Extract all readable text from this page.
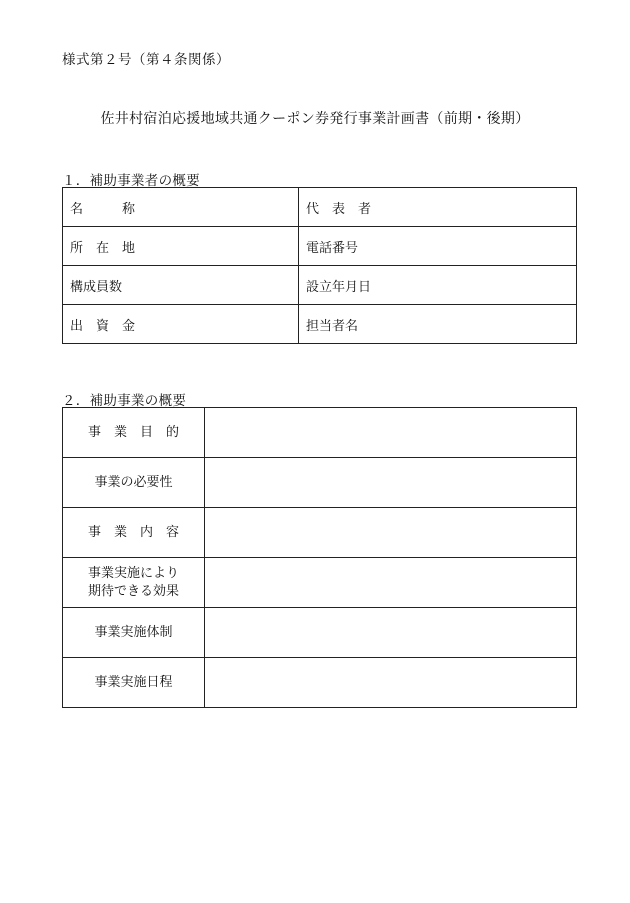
様式第２号（第４条関係）
佐井村宿泊応援地域共通クーポン券発行事業計画書（前期・後期）
１．補助事業者の概要
名　　　称	代　表　者
所　在　地	電話番号
構成員数	設立年月日
出　資　金	担当者名
２．補助事業の概要
事　業　目　的	

事業の必要性	

事　業　内　容	

事業実施により
期待できる効果	

事業実施体制	

事業実施日程	
